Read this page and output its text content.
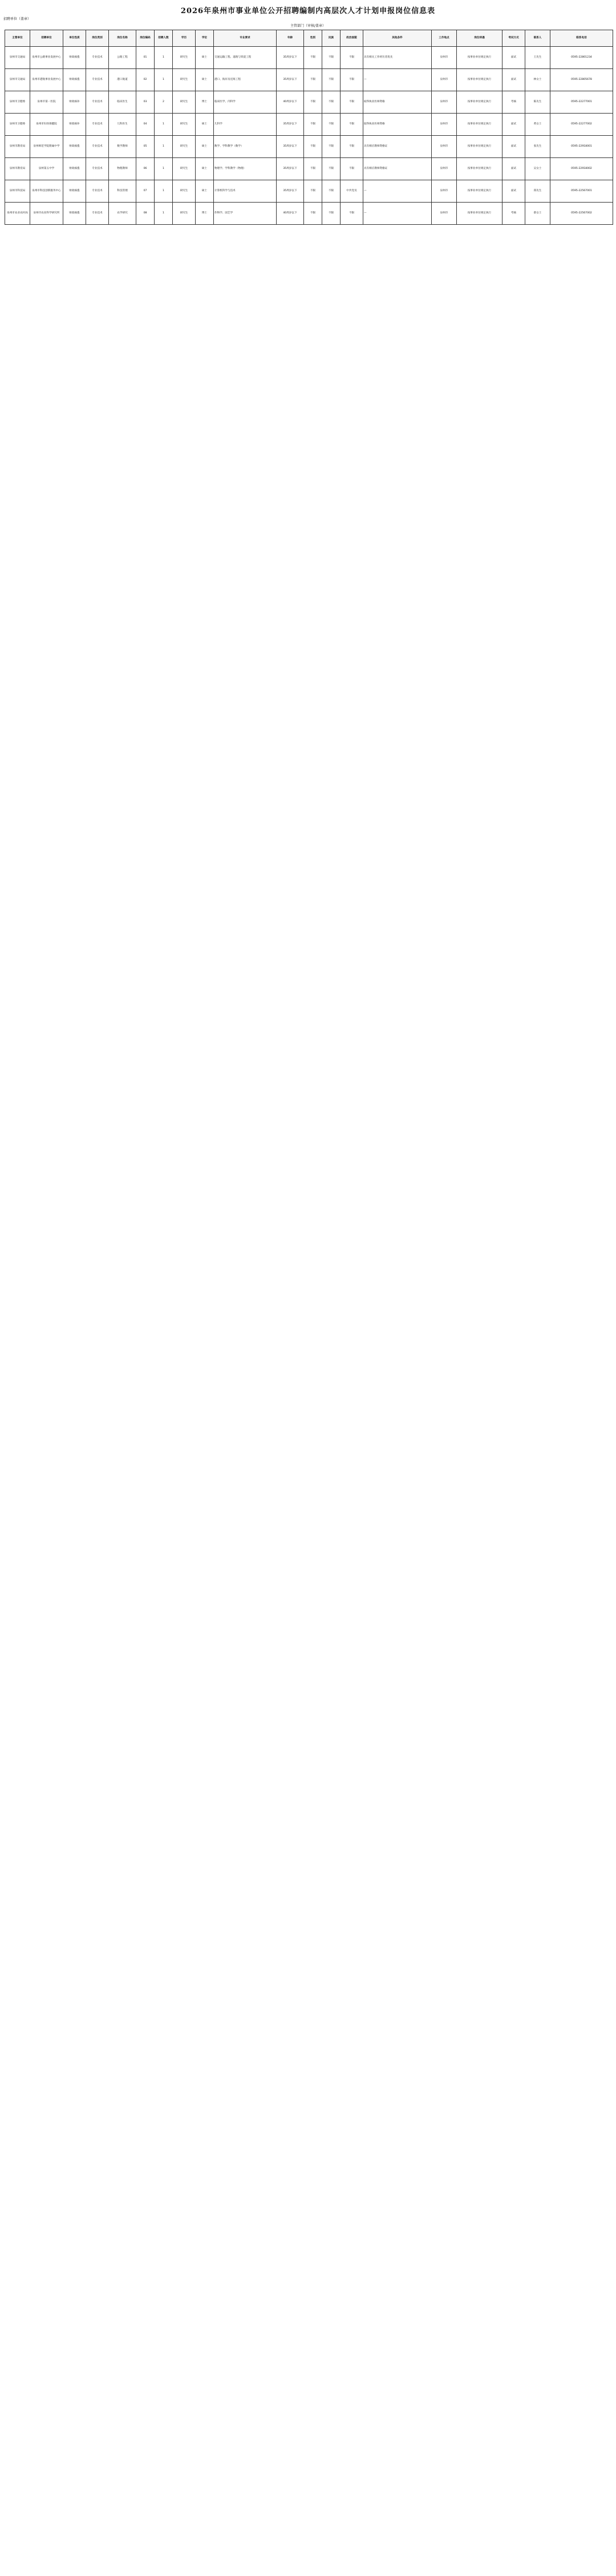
2026年泉州市事业单位公开招聘编制内高层次人才计划申报岗位信息表
招聘单位（盖章）
主管部门（审核/盖章）
主管单位	招聘单位	单位性质	岗位类别	岗位名称	岗位编码	招聘人数	学历	学位	专业要求	年龄	性别	民族	政治面貌	其他条件	工作地点	岗位待遇	考试方式	联系人	联系电话
泉州市交通局	泉州市公路事业发展中心	财政核拨	专业技术	公路工程	01	1	研究生	硕士	交通运输工程、道路与铁道工程	35周岁以下	不限	不限	不限	具有相关工作经历者优先	泉州市	按事业单位规定执行	面试	王先生	0595-22801234
泉州市交通局	泉州市港航事业发展中心	财政核拨	专业技术	港口航道	02	1	研究生	硕士	港口、海岸及近海工程	35周岁以下	不限	不限	不限	—	泉州市	按事业单位规定执行	面试	林女士	0595-22805678
泉州市卫健委	泉州市第一医院	财政核补	专业技术	临床医生	03	2	研究生	博士	临床医学、内科学	40周岁以下	不限	不限	不限	取得执业医师资格	泉州市	按事业单位规定执行	考核	陈先生	0595-22277001
泉州市卫健委	泉州市妇幼保健院	财政核补	专业技术	儿科医生	04	1	研究生	硕士	儿科学	35周岁以下	不限	不限	不限	取得执业医师资格	泉州市	按事业单位规定执行	面试	黄女士	0595-22277002
泉州市教育局	泉州师范学院附属中学	财政核拨	专业技术	数学教师	05	1	研究生	硕士	数学、学科教学（数学）	35周岁以下	不限	不限	不限	具有相应教师资格证	泉州市	按事业单位规定执行	面试	张先生	0595-22918001
泉州市教育局	泉州第五中学	财政核拨	专业技术	物理教师	06	1	研究生	硕士	物理学、学科教学（物理）	35周岁以下	不限	不限	不限	具有相应教师资格证	泉州市	按事业单位规定执行	面试	吴女士	0595-22918002
泉州市科技局	泉州市科技创新服务中心	财政核拨	专业技术	科技管理	07	1	研究生	硕士	计算机科学与技术	35周岁以下	不限	不限	中共党员	—	泉州市	按事业单位规定执行	面试	郑先生	0595-22567001
泉州市农业农村局	泉州市农业科学研究所	财政核拨	专业技术	农学研究	08	1	研究生	博士	作物学、园艺学	40周岁以下	不限	不限	不限	—	泉州市	按事业单位规定执行	考核	蔡女士	0595-22567002
